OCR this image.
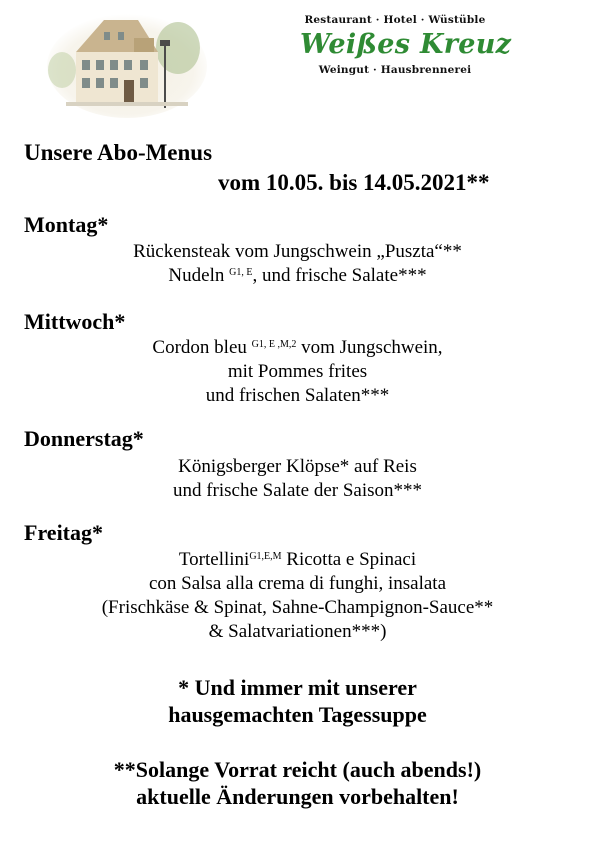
Restaurant · Hotel · Wüstüble
Weißes Kreuz
Weingut · Hausbrennerei
Unsere Abo-Menus
vom 10.05. bis 14.05.2021**
Montag*
Rückensteak vom Jungschwein „Puszta“**
Nudeln $^{G1, E}$, und frische Salate***
Mittwoch*
Cordon bleu $^{G1, E ,M,2}$ vom Jungschwein,
mit Pommes frites
und frischen Salaten***
Donnerstag*
Königsberger Klöpse* auf Reis
und frische Salate der Saison***
Freitag*
Tortellini$^{G1,E,M}$ Ricotta e Spinaci
con Salsa alla crema di funghi, insalata
(Frischkäse & Spinat, Sahne-Champignon-Sauce**
& Salatvariationen***)
* Und immer mit unserer
hausgemachten Tagessuppe
**Solange Vorrat reicht (auch abends!)
aktuelle Änderungen vorbehalten!
